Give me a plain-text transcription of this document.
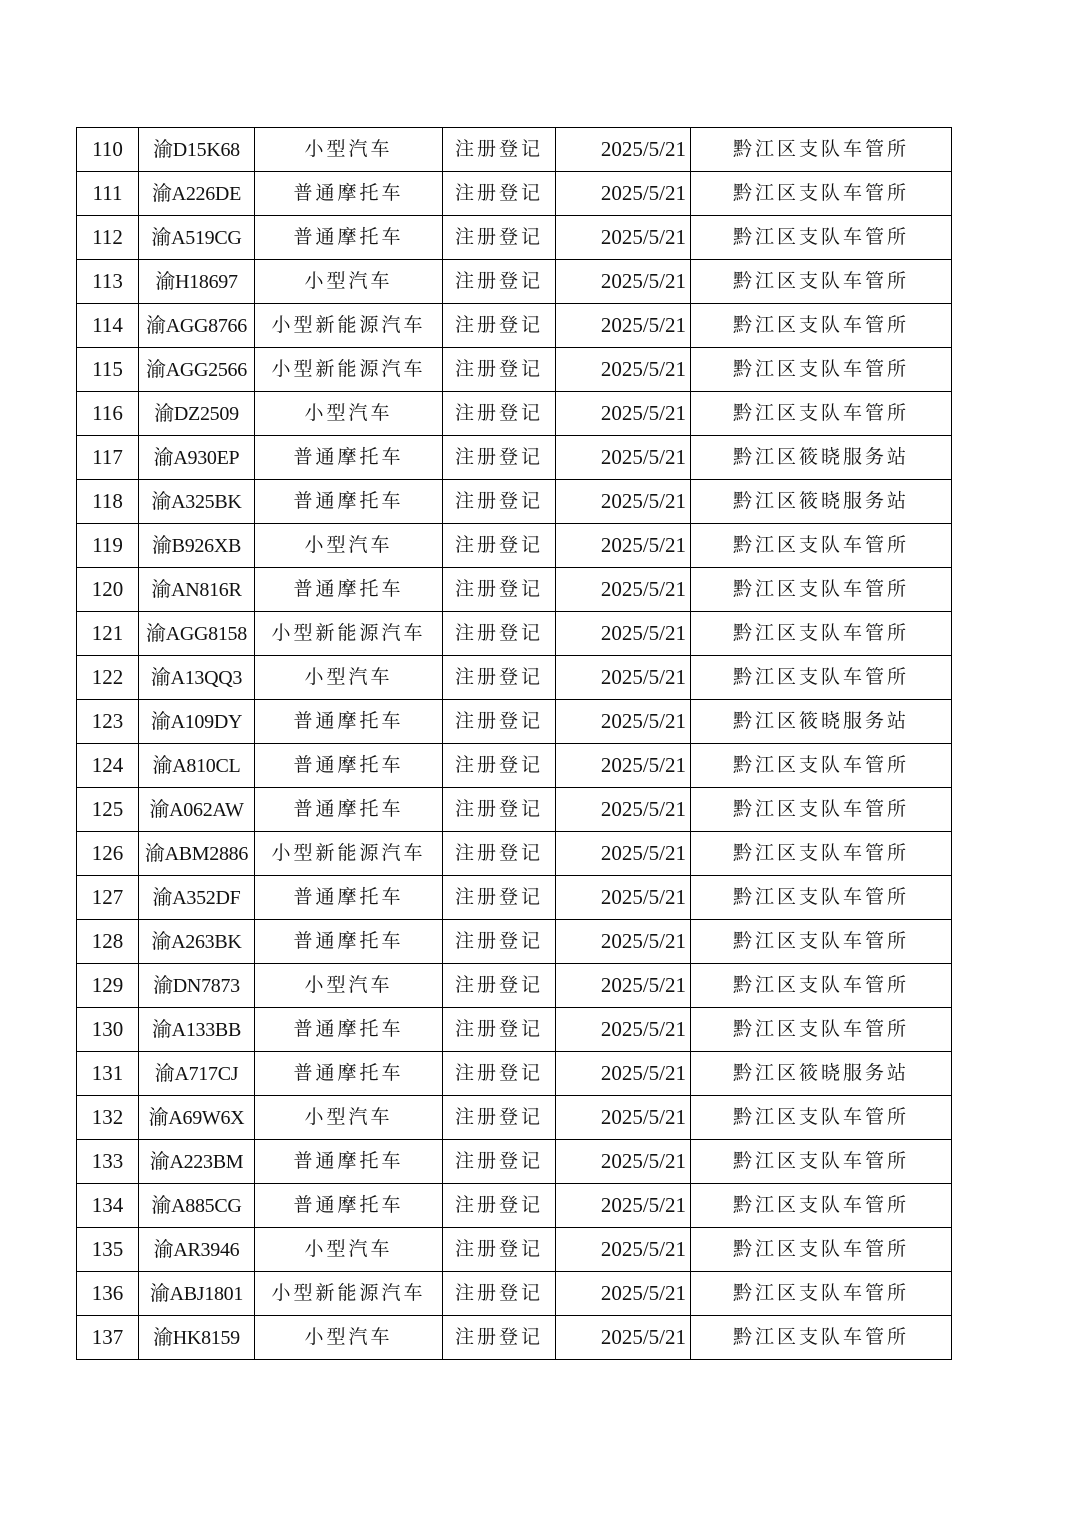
110	渝D15K68	小型汽车	注册登记	2025/5/21	黔江区支队车管所
111	渝A226DE	普通摩托车	注册登记	2025/5/21	黔江区支队车管所
112	渝A519CG	普通摩托车	注册登记	2025/5/21	黔江区支队车管所
113	渝H18697	小型汽车	注册登记	2025/5/21	黔江区支队车管所
114	渝AGG8766	小型新能源汽车	注册登记	2025/5/21	黔江区支队车管所
115	渝AGG2566	小型新能源汽车	注册登记	2025/5/21	黔江区支队车管所
116	渝DZ2509	小型汽车	注册登记	2025/5/21	黔江区支队车管所
117	渝A930EP	普通摩托车	注册登记	2025/5/21	黔江区筱晓服务站
118	渝A325BK	普通摩托车	注册登记	2025/5/21	黔江区筱晓服务站
119	渝B926XB	小型汽车	注册登记	2025/5/21	黔江区支队车管所
120	渝AN816R	普通摩托车	注册登记	2025/5/21	黔江区支队车管所
121	渝AGG8158	小型新能源汽车	注册登记	2025/5/21	黔江区支队车管所
122	渝A13QQ3	小型汽车	注册登记	2025/5/21	黔江区支队车管所
123	渝A109DY	普通摩托车	注册登记	2025/5/21	黔江区筱晓服务站
124	渝A810CL	普通摩托车	注册登记	2025/5/21	黔江区支队车管所
125	渝A062AW	普通摩托车	注册登记	2025/5/21	黔江区支队车管所
126	渝ABM2886	小型新能源汽车	注册登记	2025/5/21	黔江区支队车管所
127	渝A352DF	普通摩托车	注册登记	2025/5/21	黔江区支队车管所
128	渝A263BK	普通摩托车	注册登记	2025/5/21	黔江区支队车管所
129	渝DN7873	小型汽车	注册登记	2025/5/21	黔江区支队车管所
130	渝A133BB	普通摩托车	注册登记	2025/5/21	黔江区支队车管所
131	渝A717CJ	普通摩托车	注册登记	2025/5/21	黔江区筱晓服务站
132	渝A69W6X	小型汽车	注册登记	2025/5/21	黔江区支队车管所
133	渝A223BM	普通摩托车	注册登记	2025/5/21	黔江区支队车管所
134	渝A885CG	普通摩托车	注册登记	2025/5/21	黔江区支队车管所
135	渝AR3946	小型汽车	注册登记	2025/5/21	黔江区支队车管所
136	渝ABJ1801	小型新能源汽车	注册登记	2025/5/21	黔江区支队车管所
137	渝HK8159	小型汽车	注册登记	2025/5/21	黔江区支队车管所
